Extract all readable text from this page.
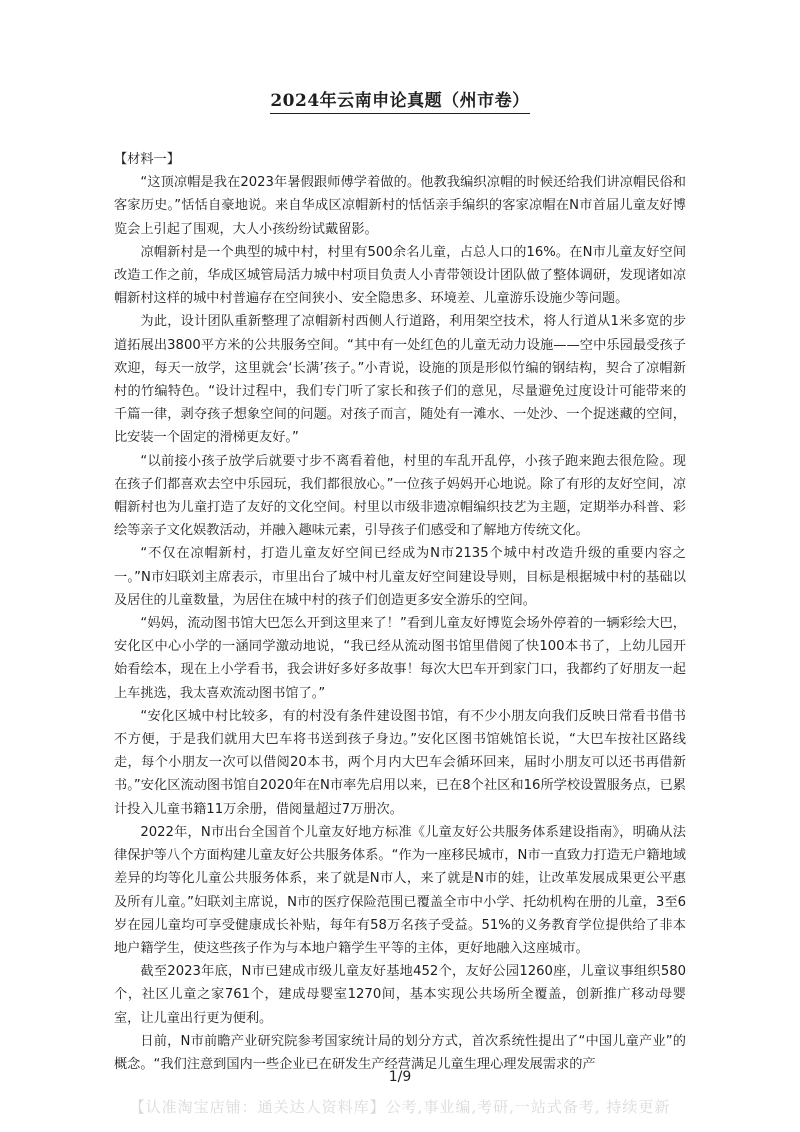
2024年云南申论真题（州市卷）

【材料一】

“这顶凉帽是我在2023年暑假跟师傅学着做的。他教我编织凉帽的时候还给我们讲凉帽民俗和客家历史。”恬恬自豪地说。来自华成区凉帽新村的恬恬亲手编织的客家凉帽在N市首届儿童友好博览会上引起了围观，大人小孩纷纷试戴留影。

凉帽新村是一个典型的城中村，村里有500余名儿童，占总人口的16%。在N市儿童友好空间改造工作之前，华成区城管局活力城中村项目负责人小青带领设计团队做了整体调研，发现诸如凉帽新村这样的城中村普遍存在空间狭小、安全隐患多、环境差、儿童游乐设施少等问题。

为此，设计团队重新整理了凉帽新村西侧人行道路，利用架空技术，将人行道从1米多宽的步道拓展出3800平方米的公共服务空间。“其中有一处红色的儿童无动力设施——空中乐园最受孩子欢迎，每天一放学，这里就会‘长满’孩子。”小青说，设施的顶是形似竹编的钢结构，契合了凉帽新村的竹编特色。“设计过程中，我们专门听了家长和孩子们的意见，尽量避免过度设计可能带来的千篇一律，剥夺孩子想象空间的问题。对孩子而言，随处有一滩水、一处沙、一个捉迷藏的空间，比安装一个固定的滑梯更友好。”

“以前接小孩子放学后就要寸步不离看着他，村里的车乱开乱停，小孩子跑来跑去很危险。现在孩子们都喜欢去空中乐园玩，我们都很放心。”一位孩子妈妈开心地说。除了有形的友好空间，凉帽新村也为儿童打造了友好的文化空间。村里以市级非遗凉帽编织技艺为主题，定期举办科普、彩绘等亲子文化娱教活动，并融入趣味元素，引导孩子们感受和了解地方传统文化。

“不仅在凉帽新村，打造儿童友好空间已经成为N市2135个城中村改造升级的重要内容之一。”N市妇联刘主席表示，市里出台了城中村儿童友好空间建设导则，目标是根据城中村的基础以及居住的儿童数量，为居住在城中村的孩子们创造更多安全游乐的空间。

“妈妈，流动图书馆大巴怎么开到这里来了！”看到儿童友好博览会场外停着的一辆彩绘大巴，安化区中心小学的一涵同学激动地说，“我已经从流动图书馆里借阅了快100本书了，上幼儿园开始看绘本，现在上小学看书，我会讲好多好多故事！每次大巴车开到家门口，我都约了好朋友一起上车挑选，我太喜欢流动图书馆了。”

“安化区城中村比较多，有的村没有条件建设图书馆，有不少小朋友向我们反映日常看书借书不方便，于是我们就用大巴车将书送到孩子身边。”安化区图书馆姚馆长说，“大巴车按社区路线走，每个小朋友一次可以借阅20本书，两个月内大巴车会循环回来，届时小朋友可以还书再借新书。”安化区流动图书馆自2020年在N市率先启用以来，已在8个社区和16所学校设置服务点，已累计投入儿童书籍11万余册，借阅量超过7万册次。

2022年，N市出台全国首个儿童友好地方标准《儿童友好公共服务体系建设指南》，明确从法律保护等八个方面构建儿童友好公共服务体系。“作为一座移民城市，N市一直致力打造无户籍地域差异的均等化儿童公共服务体系，来了就是N市人，来了就是N市的娃，让改革发展成果更公平惠及所有儿童。”妇联刘主席说，N市的医疗保险范围已覆盖全市中小学、托幼机构在册的儿童，3至6岁在园儿童均可享受健康成长补贴，每年有58万名孩子受益。51%的义务教育学位提供给了非本地户籍学生，使这些孩子作为与本地户籍学生平等的主体，更好地融入这座城市。

截至2023年底，N市已建成市级儿童友好基地452个，友好公园1260座，儿童议事组织580个，社区儿童之家761个，建成母婴室1270间，基本实现公共场所全覆盖，创新推广移动母婴室，让儿童出行更为便利。

日前，N市前瞻产业研究院参考国家统计局的划分方式，首次系统性提出了“中国儿童产业”的概念。“我们注意到国内一些企业已在研发生产经营满足儿童生理心理发展需求的产

1/9
【认准淘宝店铺：通关达人资料库】公考,事业编,考研,一站式备考, 持续更新
